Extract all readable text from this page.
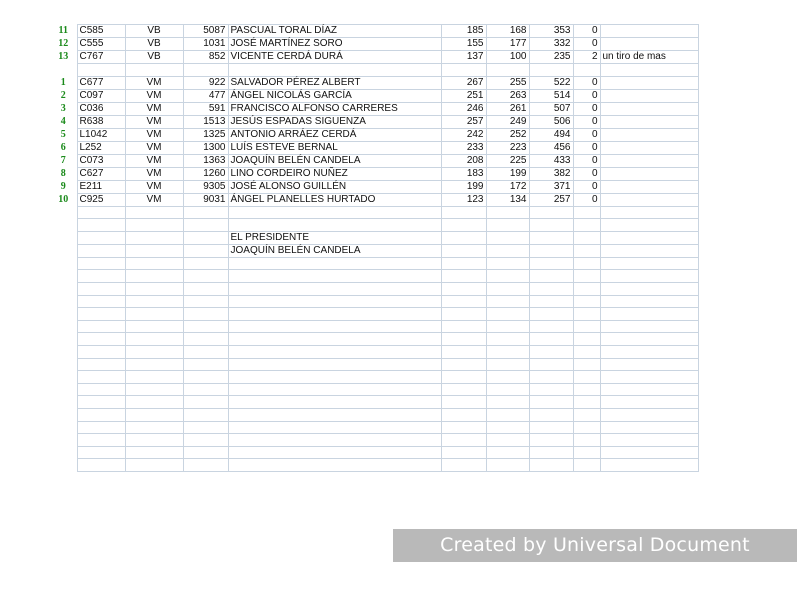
11	C585	VB	5087	PASCUAL TORAL DÍAZ	185	168	353	0	
12	C555	VB	1031	JOSÉ MARTÍNEZ SORO	155	177	332	0	
13	C767	VB	852	VICENTE CERDÁ DURÁ	137	100	235	2	un tiro de mas

1	C677	VM	922	SALVADOR PÉREZ ALBERT	267	255	522	0	
2	C097	VM	477	ÁNGEL NICOLÁS GARCÍA	251	263	514	0	
3	C036	VM	591	FRANCISCO ALFONSO CARRERES	246	261	507	0	
4	R638	VM	1513	JESÚS ESPADAS SIGUENZA	257	249	506	0	
5	L1042	VM	1325	ANTONIO ARRÁEZ CERDÁ	242	252	494	0	
6	L252	VM	1300	LUÍS ESTEVE BERNAL	233	223	456	0	
7	C073	VM	1363	JOAQUÍN BELÉN CANDELA	208	225	433	0	
8	C627	VM	1260	LINO CORDEIRO NUÑEZ	183	199	382	0	
9	E211	VM	9305	JOSÉ ALONSO GUILLÉN	199	172	371	0	
10	C925	VM	9031	ÁNGEL PLANELLES HURTADO	123	134	257	0	

				EL PRESIDENTE					
				JOAQUÍN BELÉN CANDELA					

Created by Universal Document Converter
